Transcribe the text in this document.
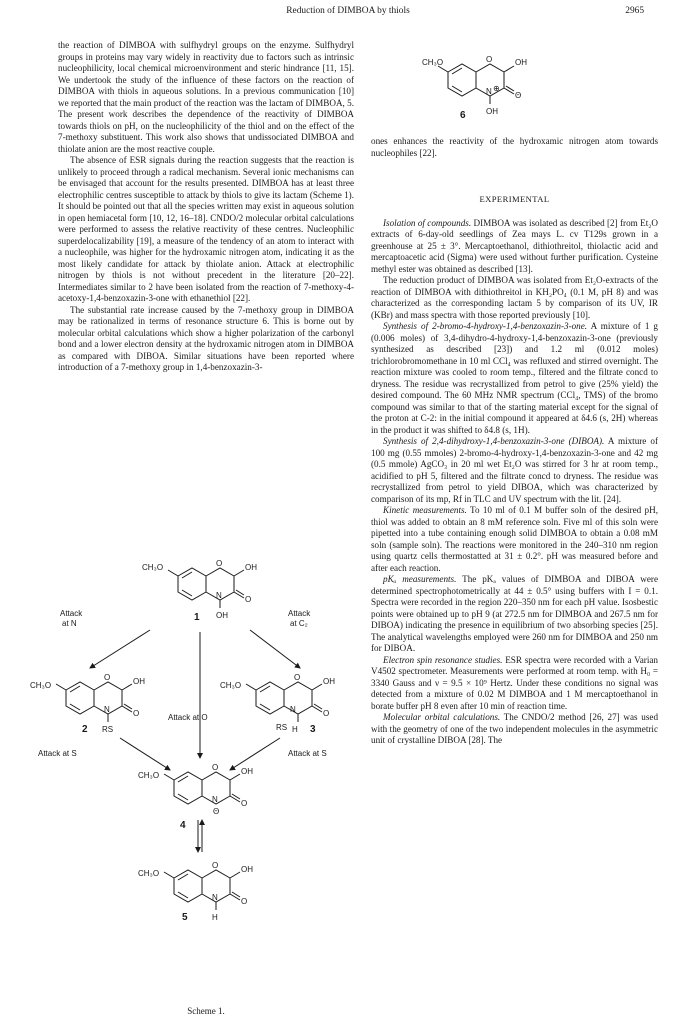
Reduction of DIMBOA by thiols	2965
CH₃O	O	OH
N ⊕
Θ
OH
6
ones enhances the reactivity of the hydroxamic nitrogen atom towards nucleophiles [22].

the reaction of DIMBOA with sulfhydryl groups on the enzyme. Sulfhydryl groups in proteins may vary widely in reactivity due to factors such as intrinsic nucleophilicity, local chemical microenvironment and steric hindrance [11, 15]. We undertook the study of the influence of these factors on the reaction of DIMBOA with thiols in aqueous solutions. In a previous communication [10] we reported that the main product of the reaction was the lactam of DIMBOA, 5. The present work describes the dependence of the reactivity of DIMBOA towards thiols on pH, on the nucleophilicity of the thiol and on the effect of the 7-methoxy substituent. This work also shows that undissociated DIMBOA and thiolate anion are the most reactive couple.

The absence of ESR signals during the reaction suggests that the reaction is unlikely to proceed through a radical mechanism. Several ionic mechanisms can be envisaged that account for the results presented. DIMBOA has at least three electrophilic centres susceptible to attack by thiols to give its lactam (Scheme 1). It should be pointed out that all the species written may exist in aqueous solution in open hemiacetal form [10, 12, 16–18]. CNDO/2 molecular orbital calculations were performed to assess the relative reactivity of these centres. Nucleophilic superdelocalizability [19], a measure of the tendency of an atom to interact with a nucleophile, was higher for the hydroxamic nitrogen atom, indicating it as the most likely candidate for attack by thiolate anion. Attack at electrophilic nitrogen by thiols is not without precedent in the literature [20–22]. Intermediates similar to 2 have been isolated from the reaction of 7-methoxy-4-acetoxy-1,4-benzoxazin-3-one with ethanethiol [22].

The substantial rate increase caused by the 7-methoxy group in DIMBOA may be rationalized in terms of resonance structure 6. This is borne out by molecular orbital calculations which show a higher polarization of the carbonyl bond and a lower electron density at the hydroxamic nitrogen atom in DIMBOA as compared with DIBOA. Similar situations have been reported where introduction of a 7-methoxy group in 1,4-benzoxazin-3-

EXPERIMENTAL

Isolation of compounds. DIMBOA was isolated as described [2] from Et₂O extracts of 6-day-old seedlings of Zea mays L. cv T129s grown in a greenhouse at 25 ± 3°. Mercaptoethanol, dithiothreitol, thiolactic acid and mercaptoacetic acid (Sigma) were used without further purification. Cysteine methyl ester was obtained as described [13].

The reduction product of DIMBOA was isolated from Et₂O-extracts of the reaction of DIMBOA with dithiothreitol in KH₂PO₄ (0.1 M, pH 8) and was characterized as the corresponding lactam 5 by comparison of its UV, IR (KBr) and mass spectra with those reported previously [10].

Synthesis of 2-bromo-4-hydroxy-1,4-benzoxazin-3-one. A mixture of 1 g (0.006 moles) of 3,4-dihydro-4-hydroxy-1,4-benzoxazin-3-one (previously synthesized as described [23]) and 1.2 ml (0.012 moles) trichlorobromomethane in 10 ml CCl₄ was refluxed and stirred overnight. The reaction mixture was cooled to room temp., filtered and the filtrate concd to dryness. The residue was recrystallized from petrol to give (25% yield) the desired compound. The 60 MHz NMR spectrum (CCl₄, TMS) of the bromo compound was similar to that of the starting material except for the signal of the proton at C-2: in the initial compound it appeared at δ4.6 (s, 2H) whereas in the product it was shifted to δ4.8 (s, 1H).

Synthesis of 2,4-dihydroxy-1,4-benzoxazin-3-one (DIBOA). A mixture of 100 mg (0.55 mmoles) 2-bromo-4-hydroxy-1,4-benzoxazin-3-one and 42 mg (0.5 mmole) AgCO₃ in 20 ml wet Et₂O was stirred for 3 hr at room temp., acidified to pH 5, filtered and the filtrate concd to dryness. The residue was recrystallized from petrol to yield DIBOA, which was characterized by comparison of its mp, Rf in TLC and UV spectrum with the lit. [24].

Kinetic measurements. To 10 ml of 0.1 M buffer soln of the desired pH, thiol was added to obtain an 8 mM reference soln. Five ml of this soln were pipetted into a tube containing enough solid DIMBOA to obtain a 0.08 mM soln (sample soln). The reactions were monitored in the 240–310 nm region using quartz cells thermostatted at 31 ± 0.2°. pH was measured before and after each reaction.

pKₐ measurements. The pKₐ values of DIMBOA and DIBOA were determined spectrophotometrically at 44 ± 0.5° using buffers with I = 0.1. Spectra were recorded in the region 220–350 nm for each pH value. Isosbestic points were obtained up to pH 9 (at 272.5 nm for DIMBOA and 267.5 nm for DIBOA) indicating the presence in equilibrium of two absorbing species [25]. The analytical wavelengths employed were 260 nm for DIMBOA and 250 nm for DIBOA.

Electron spin resonance studies. ESR spectra were recorded with a Varian V4502 spectrometer. Measurements were performed at room temp. with H₀ = 3340 Gauss and ν = 9.5 × 10⁹ Hertz. Under these conditions no signal was detected from a mixture of 0.02 M DIMBOA and 1 M mercaptoethanol in borate buffer pH 8 even after 10 min of reaction time.

Molecular orbital calculations. The CNDO/2 method [26, 27] was used with the geometry of one of the two independent molecules in the asymmetric unit of crystalline DIBOA [28]. The

CH₃O	O	OH
N	O
OH
1
Attack
at N
Attack
at C₂
CH₃O
O	OH
N	O
RS
2
CH₃O
O	OH
N	O
RS H 3
Attack at O
Attack at S	Attack at S
CH₃O
O	OH
N
Θ
O
4
CH₃O
O	OH
N	O
H
5
Scheme 1.
